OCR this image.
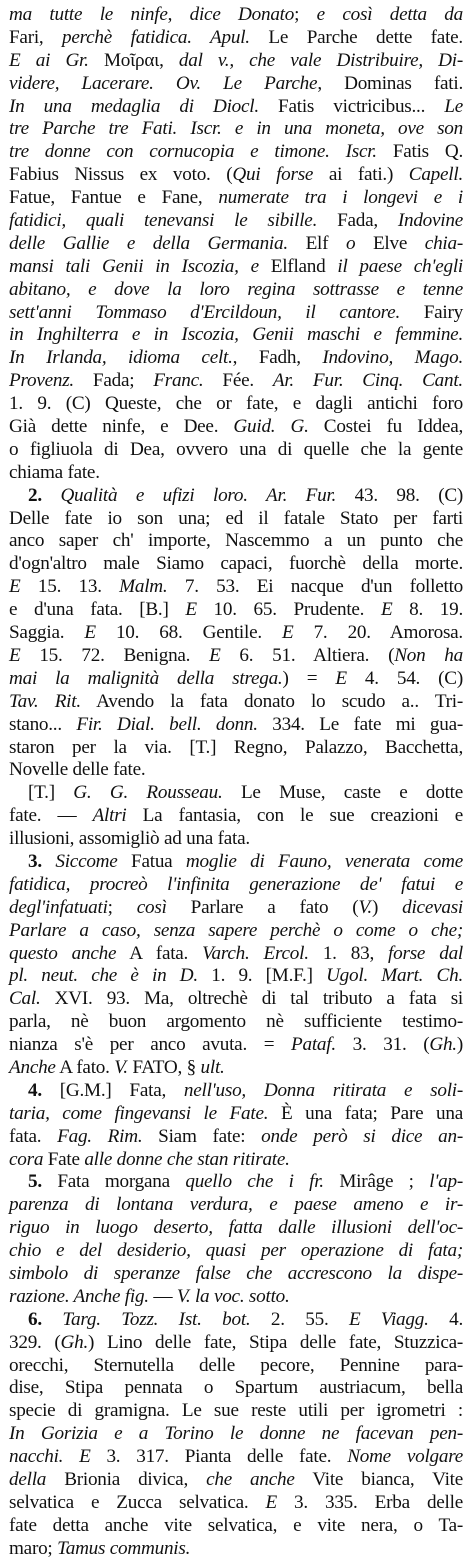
ma tutte le ninfe, dice Donato; e così detta da
Fari, perchè fatidica. Apul. Le Parche dette fate.
E ai Gr. Μοῖραι, dal v., che vale Distribuire, Di-
videre, Lacerare. Ov. Le Parche, Dominas fati.
In una medaglia di Diocl. Fatis victricibus... Le
tre Parche tre Fati. Iscr. e in una moneta, ove son
tre donne con cornucopia e timone. Iscr. Fatis Q.
Fabius Nissus ex voto. (Qui forse ai fati.) Capell.
Fatue, Fantue e Fane, numerate tra i longevi e i
fatidici, quali tenevansi le sibille. Fada, Indovine
delle Gallie e della Germania. Elf o Elve chia-
mansi tali Genii in Iscozia, e Elfland il paese ch'egli
abitano, e dove la loro regina sottrasse e tenne
sett'anni Tommaso d'Ercildoun, il cantore. Fairy
in Inghilterra e in Iscozia, Genii maschi e femmine.
In Irlanda, idioma celt., Fadh, Indovino, Mago.
Provenz. Fada; Franc. Fée. Ar. Fur. Cinq. Cant.
1. 9. (C) Queste, che or fate, e dagli antichi foro
Già dette ninfe, e Dee. Guid. G. Costei fu Iddea,
o figliuola di Dea, ovvero una di quelle che la gente
chiama fate.
2. Qualità e ufizi loro. Ar. Fur. 43. 98. (C)
Delle fate io son una; ed il fatale Stato per farti
anco saper ch' importe, Nascemmo a un punto che
d'ogn'altro male Siamo capaci, fuorchè della morte.
E 15. 13. Malm. 7. 53. Ei nacque d'un folletto
e d'una fata. [B.] E 10. 65. Prudente. E 8. 19.
Saggia. E 10. 68. Gentile. E 7. 20. Amorosa.
E 15. 72. Benigna. E 6. 51. Altiera. (Non ha
mai la malignità della strega.) = E 4. 54. (C)
Tav. Rit. Avendo la fata donato lo scudo a.. Tri-
stano... Fir. Dial. bell. donn. 334. Le fate mi gua-
staron per la via. [T.] Regno, Palazzo, Bacchetta,
Novelle delle fate.
[T.] G. G. Rousseau. Le Muse, caste e dotte
fate. — Altri La fantasia, con le sue creazioni e
illusioni, assomigliò ad una fata.
3. Siccome Fatua moglie di Fauno, venerata come
fatidica, procreò l'infinita generazione de' fatui e
degl'infatuati; così Parlare a fato (V.) dicevasi
Parlare a caso, senza sapere perchè o come o che;
questo anche A fata. Varch. Ercol. 1. 83, forse dal
pl. neut. che è in D. 1. 9. [M.F.] Ugol. Mart. Ch.
Cal. XVI. 93. Ma, oltrechè di tal tributo a fata si
parla, nè buon argomento nè sufficiente testimo-
nianza s'è per anco avuta. = Pataf. 3. 31. (Gh.)
Anche A fato. V. FATO, § ult.
4. [G.M.] Fata, nell'uso, Donna ritirata e soli-
taria, come fingevansi le Fate. È una fata; Pare una
fata. Fag. Rim. Siam fate: onde però si dice an-
cora Fate alle donne che stan ritirate.
5. Fata morgana quello che i fr. Mirâge ; l'ap-
parenza di lontana verdura, e paese ameno e ir-
riguo in luogo deserto, fatta dalle illusioni dell'oc-
chio e del desiderio, quasi per operazione di fata;
simbolo di speranze false che accrescono la dispe-
razione. Anche fig. — V. la voc. sotto.
6. Targ. Tozz. Ist. bot. 2. 55. E Viagg. 4.
329. (Gh.) Lino delle fate, Stipa delle fate, Stuzzica-
orecchi, Sternutella delle pecore, Pennine para-
dise, Stipa pennata o Spartum austriacum, bella
specie di gramigna. Le sue reste utili per igrometri :
In Gorizia e a Torino le donne ne facevan pen-
nacchi. E 3. 317. Pianta delle fate. Nome volgare
della Brionia divica, che anche Vite bianca, Vite
selvatica e Zucca selvatica. E 3. 335. Erba delle
fate detta anche vite selvatica, e vite nera, o Ta-
maro; Tamus communis.
